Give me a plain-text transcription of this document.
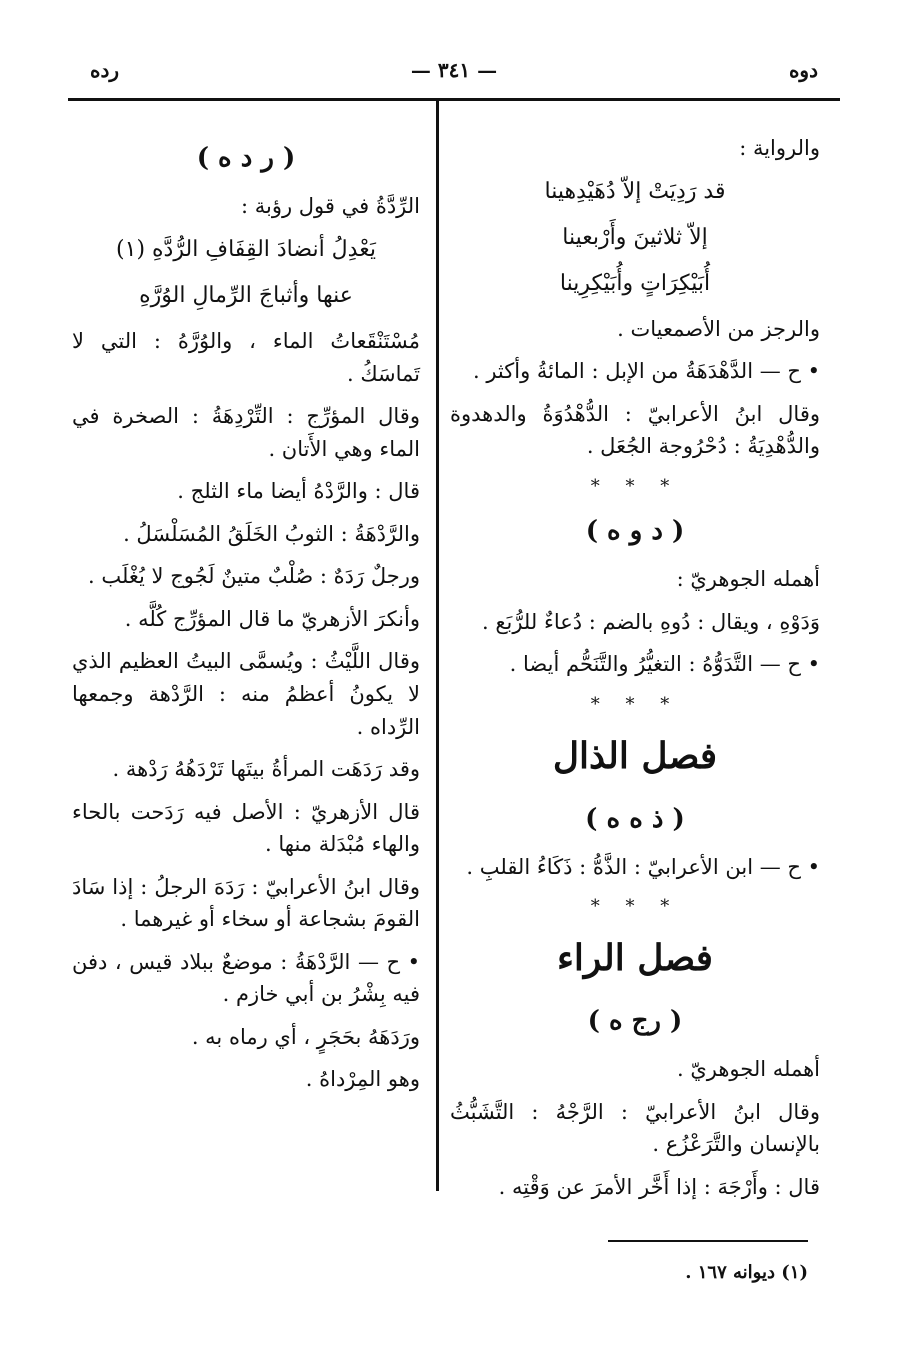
دوه
— ٣٤١ —
رده

والرواية :

قد رَدِيَتْ إلاّ دُهَيْدِهينا
إلاّ ثلاثينَ وأَرْبعينا
أُبَيْكِرَاتٍ وأُبَيْكِرِينا

والرجز من الأصمعيات .

• ح — الدَّهْدَهَةُ من الإبل : المائةُ وأكثر .

وقال ابنُ الأعرابيّ : الدُّهْدُوَةُ والدهدوة والدُّهْدِيَةُ : دُحْرُوجة الجُعَل .

* * *
( د و ه )

أهمله الجوهريّ :

وَدَوْهِ ، ويقال : دُوهِ بالضم : دُعاءٌ للرُّبَع .

• ح — التَّدَوُّهُ : التغيُّرُ والتَّنَحُّم أيضا .

* * *
فصل الذال
( ذ ه ه )

• ح — ابن الأعرابيّ : الذَّهُّ : ذَكَاءُ القلبِ .

* * *
فصل الراء
( رج ه )

أهمله الجوهريّ .

وقال ابنُ الأعرابيّ : الرَّجْهُ : التَّشَبُّثُ بالإنسان والتَّرَعْزُع .

قال : وأَرْجَهَ : إذا أَخَّر الأمرَ عن وَقْتِه .

( ر د ه )

الرِّدَّةُ في قول رؤبة :

يَعْدِلُ أنضادَ القِفَافِ الرُّدَّهِ (١)
عنها وأثباجَ الرِّمالِ الوُرَّهِ

مُسْتَنْقَعاتُ الماء ، والوُرَّهُ : التي لا تَماسَكُ .

وقال المؤرِّج : التِّرْدِهَةُ : الصخرة في الماء وهي الأَتان .

قال : والرَّدْهُ أيضا ماء الثلج .

والرَّدْهَةُ : الثوبُ الخَلَقُ المُسَلْسَلُ .

ورجلٌ رَدَهٌ : صُلْبٌ متينٌ لَجُوج لا يُغْلَب .

وأنكرَ الأزهريّ ما قال المؤرِّج كُلَّه .

وقال اللَّيْثُ : ويُسمَّى البيتُ العظيم الذي لا يكونُ أعظمُ منه : الرَّدْهة وجمعها الرِّداه .

وقد رَدَهَت المرأةُ بيتَها تَرْدَهُهُ رَدْهة .

قال الأزهريّ : الأصل فيه رَدَحت بالحاء والهاء مُبْدَلة منها .

وقال ابنُ الأعرابيّ : رَدَهَ الرجلُ : إذا سَادَ القومَ بشجاعة أو سخاء أو غيرهما .

• ح — الرَّدْهَةُ : موضعٌ ببلاد قيس ، دفن فيه بِشْرُ بن أبي خازم .

ورَدَهَهُ بحَجَرٍ ، أي رماه به .

وهو المِرْداهُ .

(١) ديوانه ١٦٧ .
